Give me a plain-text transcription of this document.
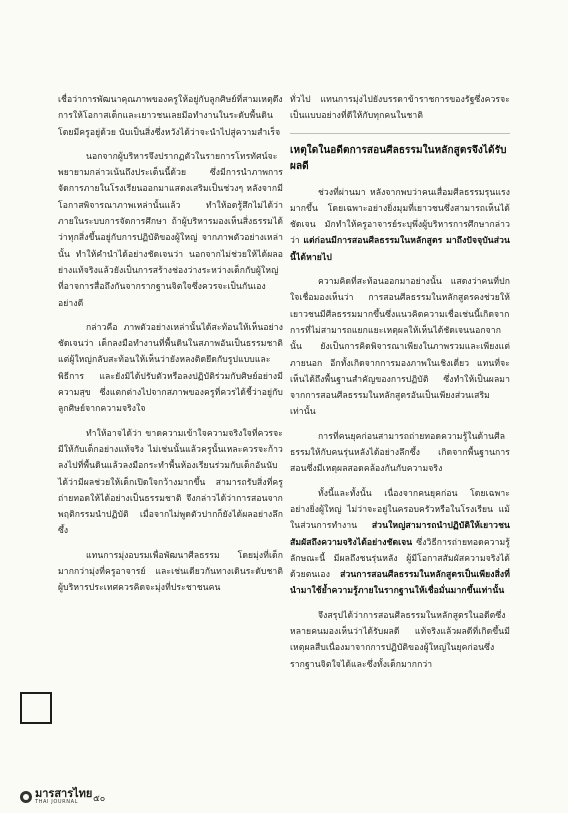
เชื่อว่าการพัฒนาคุณภาพของครูให้อยู่กับลูกศิษย์ที่สามเหตุดึงการให้โอกาสเด็กและเยาวชนเลยมีอทำงานในระดับพื้นดิน โดยมีครูอยู่ด้วย นับเป็นสิ่งซึ่งหวังได้ว่าจะนำไปสู่ความสำเร็จ

นอกจากผู้บริหารจึงปรากฏตัวในรายการโทรทัศน์จะพยายามกล่าวเน้นถึงประเด็นนี้ด้วย ซึ่งมีการนำภาพการจัดการภายในโรงเรียนออกมาแสดงเสริมเป็นช่วงๆ หลังจากมีโอกาสพิจารณาภาพเหล่านั้นแล้ว ทำให้อดรู้สึกไม่ได้ว่า ภายในระบบการจัดการศึกษา ถ้าผู้บริหารมองเห็นสิ่งธรรมได้ว่าทุกสิ่งขึ้นอยู่กับการปฏิบัติของผู้ใหญ่ จากภาพตัวอย่างเหล่านั้น ทำให้คำนำได้อย่างชัดเจนว่า นอกจากไม่ช่วยให้ได้ผลอย่างแท้จริงแล้วยังเป็นการสร้างช่องว่างระหว่างเด็กกับผู้ใหญ่ที่อาจการสื่อถึงกันจากรากฐานจิตใจซึ่งควรจะเป็นกันเองอย่างดี

กล่าวคือ ภาพตัวอย่างเหล่านั้นได้สะท้อนให้เห็นอย่างชัดเจนว่า เด็กลงมือทำงานที่พื้นดินในสภาพอันเป็นธรรมชาติ แต่ผู้ใหญ่กลับสะท้อนให้เห็นว่ายังหลงติดยึดกับรูปแบบและพิธีการ และยังมิได้ปรับตัวหรือลงปฏิบัติร่วมกับศิษย์อย่างมีความสุข ซึ่งแตกต่างไปจากสภาพของครูที่ควรได้ชี้ว่าอยู่กับลูกศิษย์จากความจริงใจ

ทำให้อาจได้ว่า ขาดความเข้าใจความจริงใจที่ควรจะมีให้กับเด็กอย่างแท้จริง ไม่เช่นนั้นแล้วครูนั้นเหละควรจะก้าวลงไปที่พื้นดินแล้วลงมือกระทำพื้นห้องเรียนร่วมกับเด็กอันนับได้ว่ามีผลช่วยให้เด็กเปิดใจกว้างมากขึ้น สามารถรับสิ่งที่ครูถ่ายทอดให้ได้อย่างเป็นธรรมชาติ จึงกล่าวได้ว่าการสอนจากพฤติกรรมนำปฏิบัติ เมื่อจากไม่พูดตัวปากก็ยังได้ผลอย่างลึกซึ้ง

แทนการมุ่งอบรมเพื่อพัฒนาศีลธรรม โดยมุ่งที่เด็กมากกว่ามุ่งที่ครูอาจารย์ และเช่นเดียวกันทางเดินระดับชาติ ผู้บริหารประเทศควรคิดจะมุ่งที่ประชาชนคน

ทั่วไป แทนการมุ่งไปยังบรรดาข้าราชการของรัฐซึ่งควรจะเป็นแบบอย่างที่ดีให้กับทุกคนในชาติ

เหตุใดในอดีตการสอนศีลธรรมในหลักสูตรจึงได้รับผลดี

ช่วงที่ผ่านมา หลังจากพบว่าคนเสื่อมศีลธรรมรุนแรงมากขึ้น โดยเฉพาะอย่างยิ่งมุมที่เยาวชนซึ่งสามารถเห็นได้ชัดเจน มักทำให้ครูอาจารย์ระบุพึ่งผู้บริหารการศึกษากล่าวว่า แต่ก่อนมีการสอนศีลธรรมในหลักสูตร มาถึงปัจจุบันส่วนนี้ได้หายไป

ความคิดที่สะท้อนออกมาอย่างนั้น แสดงว่าคนที่ปกใจเชื่อมองเห็นว่า การสอนศีลธรรมในหลักสูตรคงช่วยให้เยาวชนมีศีลธรรมมากขึ้นซึ่งแนวคิดความเชื่อเช่นนี้เกิดจากการที่ไม่สามารถแยกแยะเหตุผลให้เห็นได้ชัดเจนนอกจากนั้น ยังเป็นการคิดพิจารณาเพียงในภาพรวมและเพียงแต่ภายนอก อีกทั้งเกิดจากการมองภาพในเชิงเดี่ยว แทนที่จะเห็นได้ถึงพื้นฐานสำคัญของการปฏิบัติ ซึ่งทำให้เป็นผลมาจากการสอนศีลธรรมในหลักสูตรอันเป็นเพียงส่วนเสริมเท่านั้น

การที่คนยุคก่อนสามารถถ่ายทอดความรู้ในด้านศีลธรรมให้กับคนรุ่นหลังได้อย่างลึกซึ้ง เกิดจากพื้นฐานการสอนซึ่งมีเหตุผลสอดคล้องกันกับความจริง

ทั้งนี้และทั้งนั้น เนื่องจากคนยุคก่อน โดยเฉพาะอย่างยิ่งผู้ใหญ่ ไม่ว่าจะอยู่ในครอบครัวหรือในโรงเรียน แม้ในส่วนการทำงาน ส่วนใหญ่สามารถนำปฏิบัติให้เยาวชนสัมผัสถึงความจริงได้อย่างชัดเจน ซึ่งวิธีการถ่ายทอดความรู้ลักษณะนี้ มีผลถึงชนรุ่นหลัง ผู้มีโอกาสสัมผัสความจริงได้ด้วยตนเอง ส่วนการสอนศีลธรรมในหลักสูตรเป็นเพียงสิ่งที่นำมาใช้ย้ำความรู้ภายในรากฐานให้เชื่อมั่นมากขึ้นเท่านั้น

จึงสรุปได้ว่าการสอนศีลธรรมในหลักสูตรในอดีตซึ่งหลายคนมองเห็นว่าได้รับผลดี แท้จริงแล้วผลดีที่เกิดขึ้นมีเหตุผลสืบเนื่องมาจากการปฏิบัติของผู้ใหญ่ในยุคก่อนซึ่งรากฐานจิตใจได้และซึ่งทั้งเด็กมากกว่า

มารสารไทย
THAI JOURNAL	๕๐
